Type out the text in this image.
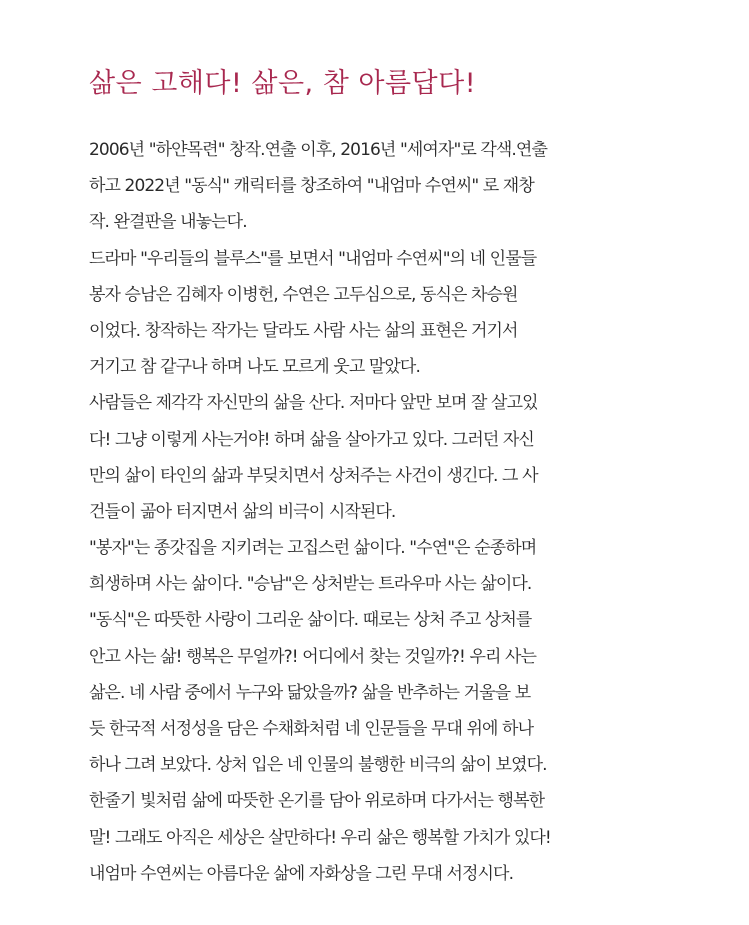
삶은 고해다! 삶은, 참 아름답다!
2006년 "하얀목련" 창작.연출 이후, 2016년 "세여자"로 각색.연출
하고 2022년 "동식" 캐릭터를 창조하여 "내엄마 수연씨" 로 재창
작. 완결판을 내놓는다.
드라마 "우리들의 블루스"를 보면서 "내엄마 수연씨"의 네 인물들
봉자 승남은 김혜자 이병헌, 수연은 고두심으로, 동식은 차승원
이었다. 창작하는 작가는 달라도 사람 사는 삶의 표현은 거기서
거기고 참 같구나 하며 나도 모르게 웃고 말았다.
사람들은 제각각 자신만의 삶을 산다. 저마다 앞만 보며 잘 살고있
다! 그냥 이렇게 사는거야! 하며 삶을 살아가고 있다. 그러던 자신
만의 삶이 타인의 삶과 부딪치면서 상처주는 사건이 생긴다. 그 사
건들이 곪아 터지면서 삶의 비극이 시작된다.
"봉자"는 종갓집을 지키려는 고집스런 삶이다. "수연"은 순종하며
희생하며 사는 삶이다. "승남"은 상처받는 트라우마 사는 삶이다.
"동식"은 따뜻한 사랑이 그리운 삶이다. 때로는 상처 주고 상처를
안고 사는 삶! 행복은 무얼까?! 어디에서 찾는 것일까?! 우리 사는
삶은. 네 사람 중에서 누구와 닮았을까? 삶을 반추하는 거울을 보
듯 한국적 서정성을 담은 수채화처럼 네 인문들을 무대 위에 하나
하나 그려 보았다. 상처 입은 네 인물의 불행한 비극의 삶이 보였다.
한줄기 빛처럼 삶에 따뜻한 온기를 담아 위로하며 다가서는 행복한
말! 그래도 아직은 세상은 살만하다! 우리 삶은 행복할 가치가 있다!
내엄마 수연씨는 아름다운 삶에 자화상을 그린 무대 서정시다.
